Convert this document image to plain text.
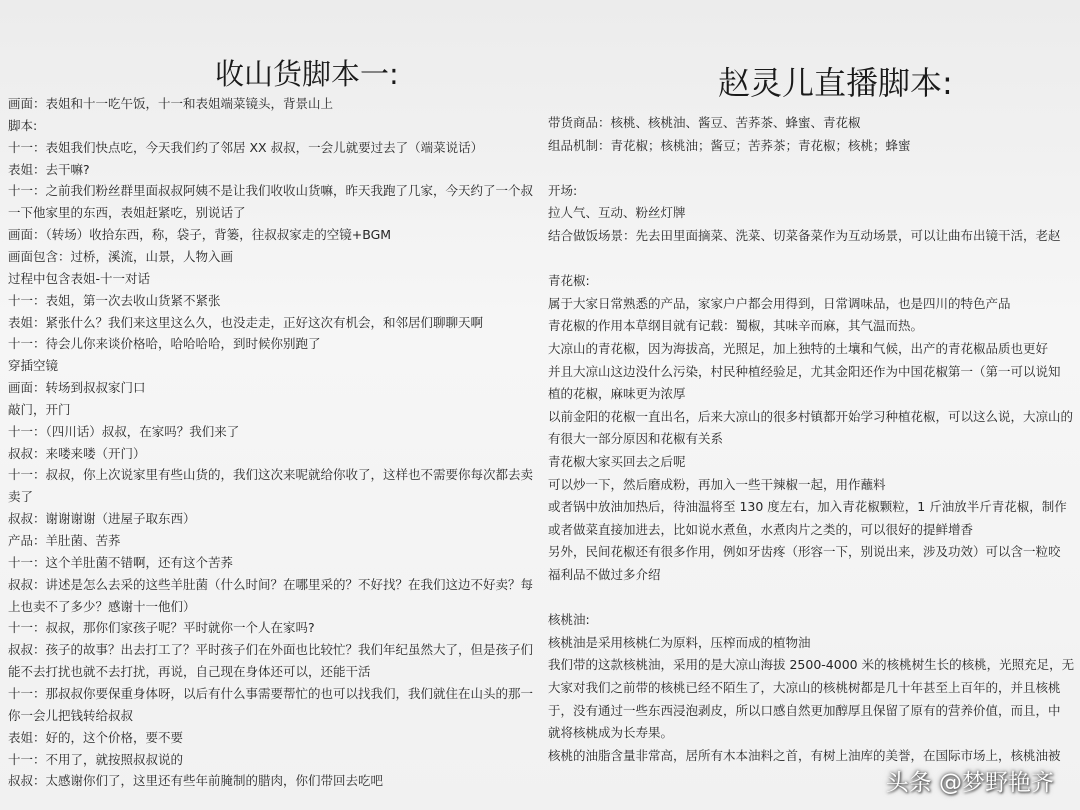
收山货脚本一:
画面：表姐和十一吃午饭，十一和表姐端菜镜头，背景山上
脚本:
十一：表姐我们快点吃，今天我们约了邻居 XX 叔叔，一会儿就要过去了（端菜说话）
表姐：去干嘛?
十一：之前我们粉丝群里面叔叔阿姨不是让我们收收山货嘛，昨天我跑了几家，今天约了一个叔
一下他家里的东西，表姐赶紧吃，别说话了
画面：（转场）收拾东西，称，袋子，背篓，往叔叔家走的空镜+BGM
画面包含：过桥，溪流，山景，人物入画
过程中包含表姐-十一对话
十一：表姐，第一次去收山货紧不紧张
表姐：紧张什么？我们来这里这么久，也没走走，正好这次有机会，和邻居们聊聊天啊
十一：待会儿你来谈价格哈，哈哈哈哈，到时候你别跑了
穿插空镜
画面：转场到叔叔家门口
敲门，开门
十一：（四川话）叔叔，在家吗？我们来了
叔叔：来喽来喽（开门）
十一：叔叔，你上次说家里有些山货的，我们这次来呢就给你收了，这样也不需要你每次都去卖
卖了
叔叔：谢谢谢谢（进屋子取东西）
产品：羊肚菌、苦荞
十一：这个羊肚菌不错啊，还有这个苦荞
叔叔：讲述是怎么去采的这些羊肚菌（什么时间？在哪里采的？不好找？在我们这边不好卖？每
上也卖不了多少？感谢十一他们）
十一：叔叔，那你们家孩子呢？平时就你一个人在家吗?
叔叔：孩子的故事？出去打工了？平时孩子们在外面也比较忙？我们年纪虽然大了，但是孩子们
能不去打扰也就不去打扰，再说，自己现在身体还可以，还能干活
十一：那叔叔你要保重身体呀，以后有什么事需要帮忙的也可以找我们，我们就住在山头的那一
你一会儿把钱转给叔叔
表姐：好的，这个价格，要不要
十一：不用了，就按照叔叔说的
叔叔：太感谢你们了，这里还有些年前腌制的腊肉，你们带回去吃吧
赵灵儿直播脚本:
带货商品：核桃、核桃油、酱豆、苦荞茶、蜂蜜、青花椒
组品机制：青花椒；核桃油；酱豆；苦荞茶；青花椒；核桃；蜂蜜
开场:
拉人气、互动、粉丝灯牌
结合做饭场景：先去田里面摘菜、洗菜、切菜备菜作为互动场景，可以让曲布出镜干活，老赵
青花椒:
属于大家日常熟悉的产品，家家户户都会用得到，日常调味品，也是四川的特色产品
青花椒的作用本草纲目就有记载：蜀椒，其味辛而麻，其气温而热。
大凉山的青花椒，因为海拔高，光照足，加上独特的土壤和气候，出产的青花椒品质也更好
并且大凉山这边没什么污染，村民种植经验足，尤其金阳还作为中国花椒第一（第一可以说知
植的花椒，麻味更为浓厚
以前金阳的花椒一直出名，后来大凉山的很多村镇都开始学习种植花椒，可以这么说，大凉山的
有很大一部分原因和花椒有关系
青花椒大家买回去之后呢
可以炒一下，然后磨成粉，再加入一些干辣椒一起，用作蘸料
或者锅中放油加热后，待油温将至 130 度左右，加入青花椒颗粒，1 斤油放半斤青花椒，制作
或者做菜直接加进去，比如说水煮鱼，水煮肉片之类的，可以很好的提鲜增香
另外，民间花椒还有很多作用，例如牙齿疼（形容一下，别说出来，涉及功效）可以含一粒咬
福利品不做过多介绍
核桃油:
核桃油是采用核桃仁为原料，压榨而成的植物油
我们带的这款核桃油，采用的是大凉山海拔 2500-4000 米的核桃树生长的核桃，光照充足，无
大家对我们之前带的核桃已经不陌生了，大凉山的核桃树都是几十年甚至上百年的，并且核桃
于，没有通过一些东西浸泡剥皮，所以口感自然更加醇厚且保留了原有的营养价值，而且，中
就将核桃成为长寿果。
核桃的油脂含量非常高，居所有木本油料之首，有树上油库的美誉，在国际市场上，核桃油被
头条 @梦野艳齐
